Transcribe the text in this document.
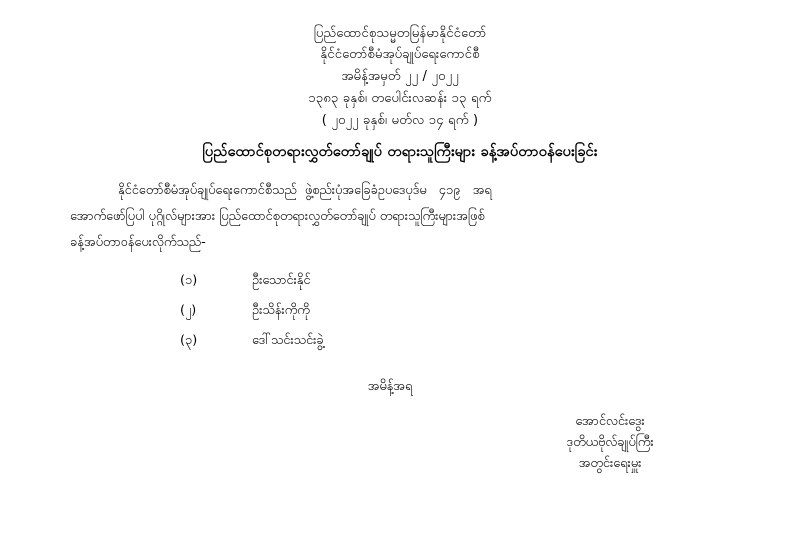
ပြည်ထောင်စုသမ္မတမြန်မာနိုင်ငံတော်
နိုင်ငံတော်စီမံအုပ်ချုပ်ရေးကောင်စီ
အမိန့်အမှတ် ၂၂ / ၂၀၂၂
၁၃၈၃ ခုနှစ်၊ တပေါင်းလဆန်း ၁၃ ရက်
( ၂၀၂၂ ခုနှစ်၊ မတ်လ ၁၄ ရက် )
ပြည်ထောင်စုတရားလွှတ်တော်ချုပ် တရားသူကြီးများ ခန့်အပ်တာဝန်ပေးခြင်း
နိုင်ငံတော်စီမံအုပ်ချုပ်ရေးကောင်စီသည်  ဖွဲ့စည်းပုံအခြေခံဥပဒေပုဒ်မ   ၄၁၉   အရ
အောက်ဖော်ပြပါ ပုဂ္ဂိုလ်များအား ပြည်ထောင်စုတရားလွှတ်တော်ချုပ် တရားသူကြီးများအဖြစ်
ခန့်အပ်တာဝန်ပေးလိုက်သည်-
(၁)	ဦးသောင်းနိုင်
(၂)	ဦးသိန်းကိုကို
(၃)	ဒေါ်သင်းသင်းခွဲ့
အမိန့်အရ
အောင်လင်းဒွေး
ဒုတိယဗိုလ်ချုပ်ကြီး
အတွင်းရေးမှူး
